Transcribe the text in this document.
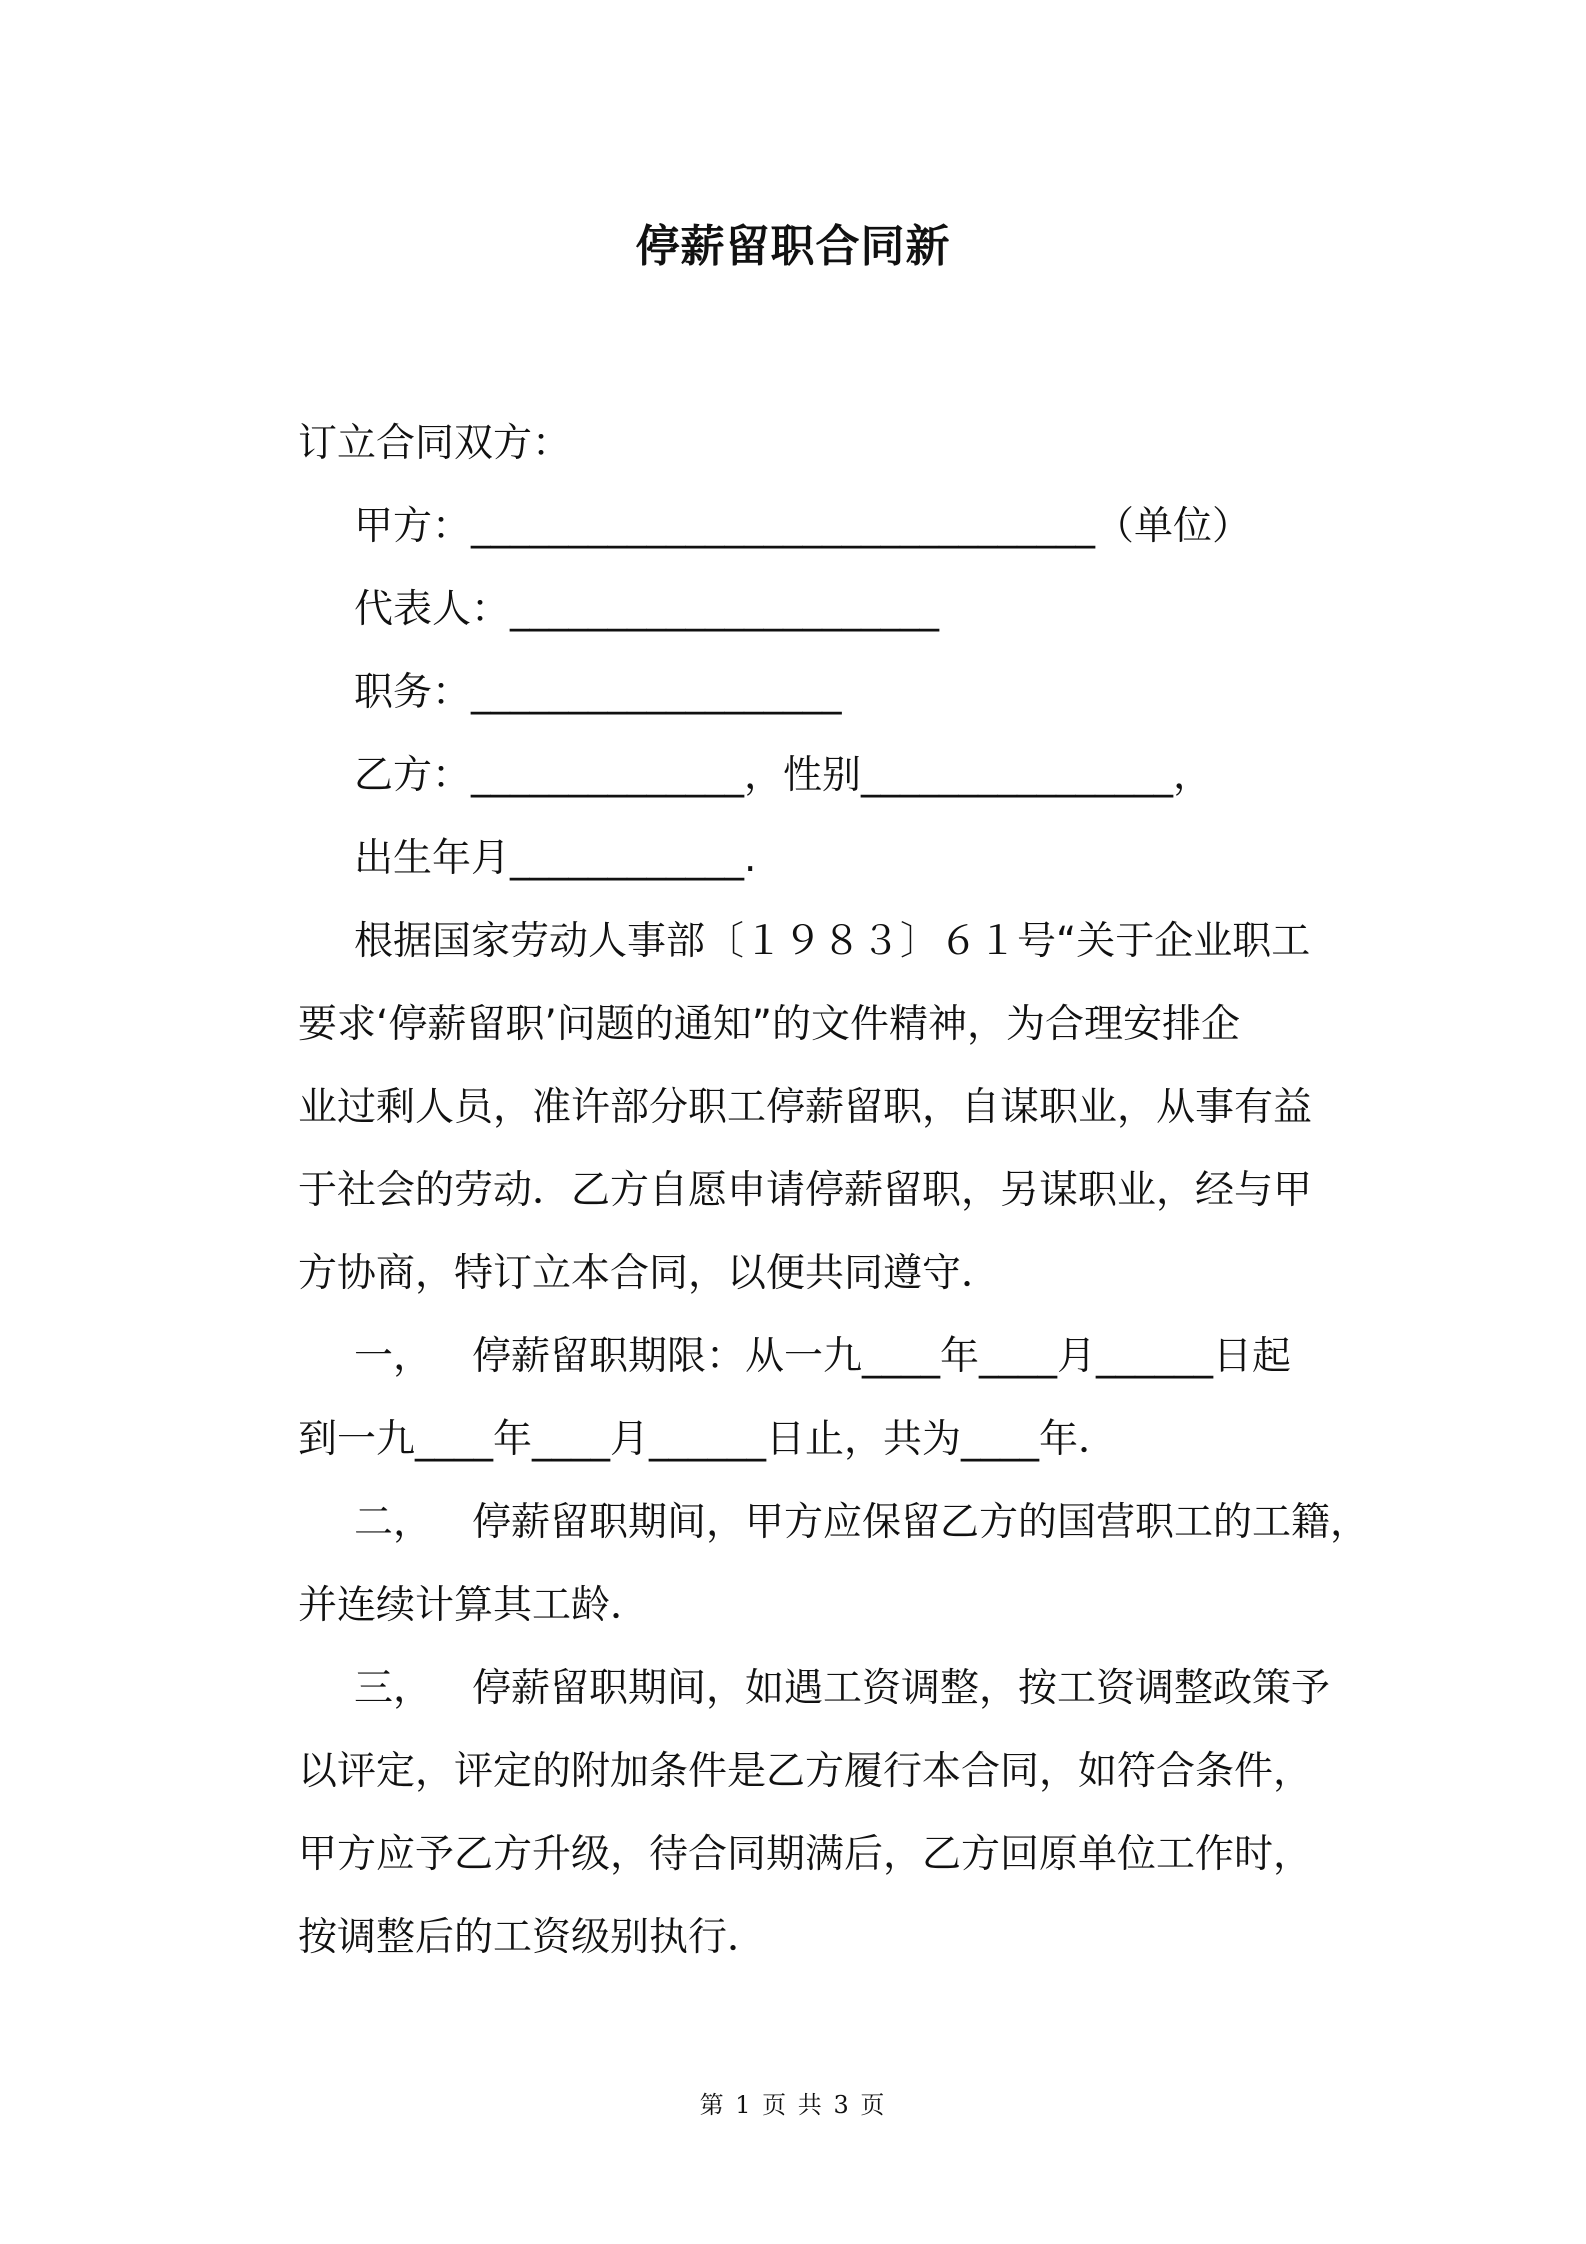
停薪留职合同新
订立合同双方：
甲方：________________________________（单位）
代表人：______________________
职务：___________________
乙方：______________，性别________________，
出生年月____________.
根据国家劳动人事部〔１９８３〕６１号“关于企业职工
要求‘停薪留职’问题的通知”的文件精神，为合理安排企
业过剩人员，准许部分职工停薪留职，自谋职业，从事有益
于社会的劳动．乙方自愿申请停薪留职，另谋职业，经与甲
方协商，特订立本合同，以便共同遵守．
一， 停薪留职期限：从一九____年____月______日起
到一九____年____月______日止，共为____年．
二， 停薪留职期间，甲方应保留乙方的国营职工的工籍，
并连续计算其工龄．
三， 停薪留职期间，如遇工资调整，按工资调整政策予
以评定，评定的附加条件是乙方履行本合同，如符合条件，
甲方应予乙方升级，待合同期满后，乙方回原单位工作时，
按调整后的工资级别执行．
第 1 页 共 3 页
